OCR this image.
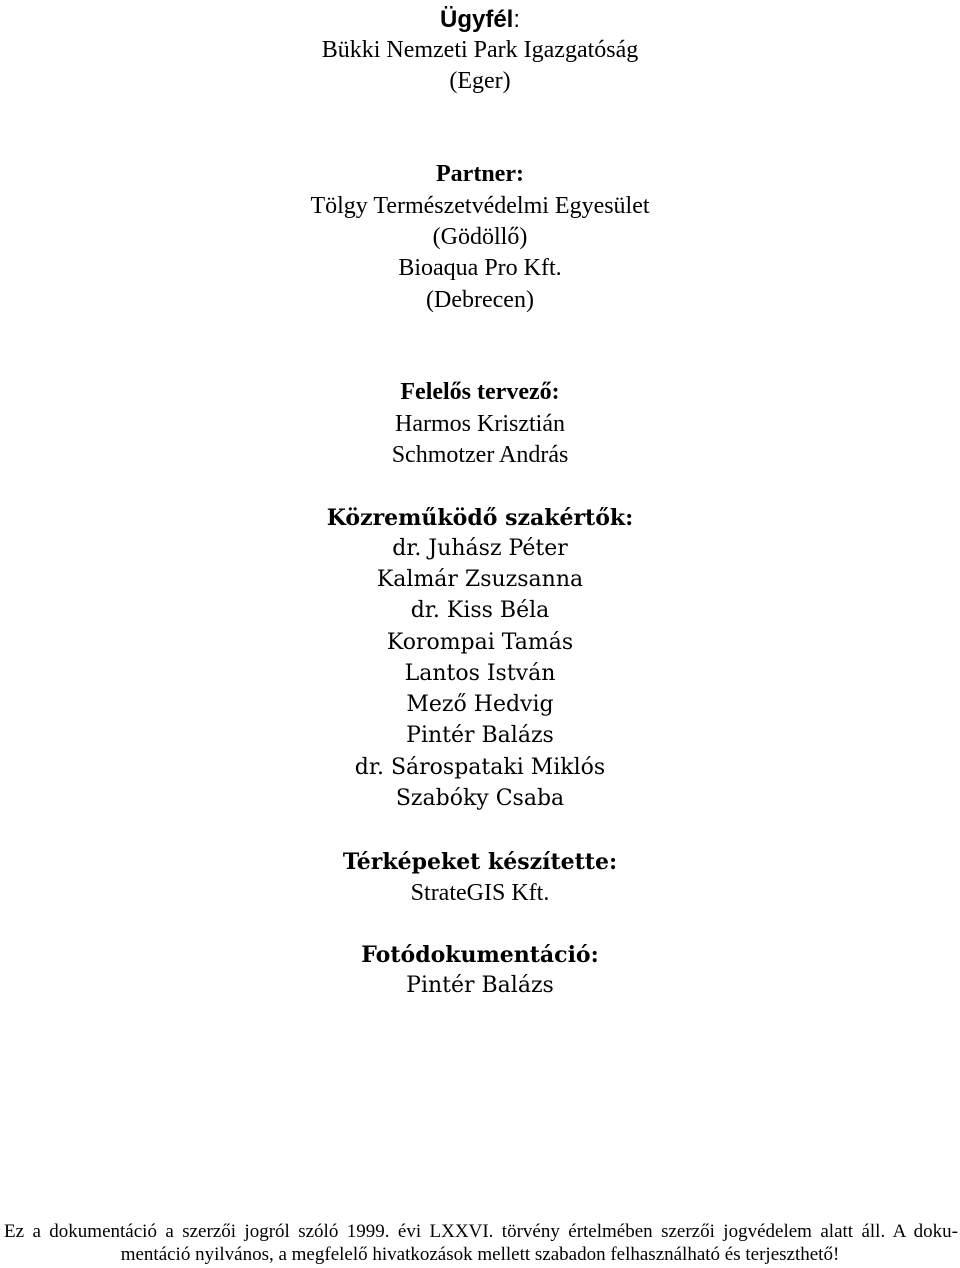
Ügyfél:
Bükki Nemzeti Park Igazgatóság
(Eger)
Partner:
Tölgy Természetvédelmi Egyesület
(Gödöllő)
Bioaqua Pro Kft.
(Debrecen)
Felelős tervező:
Harmos Krisztián
Schmotzer András
Közreműködő szakértők:
dr. Juhász Péter
Kalmár Zsuzsanna
dr. Kiss Béla
Korompai Tamás
Lantos István
Mező Hedvig
Pintér Balázs
dr. Sárospataki Miklós
Szabóky Csaba
Térképeket készítette:
StrateGIS Kft.
Fotódokumentáció:
Pintér Balázs
Ez a dokumentáció a szerzői jogról szóló 1999. évi LXXVI. törvény értelmében szerzői jogvédelem alatt áll. A doku-
mentáció nyilvános, a megfelelő hivatkozások mellett szabadon felhasználható és terjeszthető!
